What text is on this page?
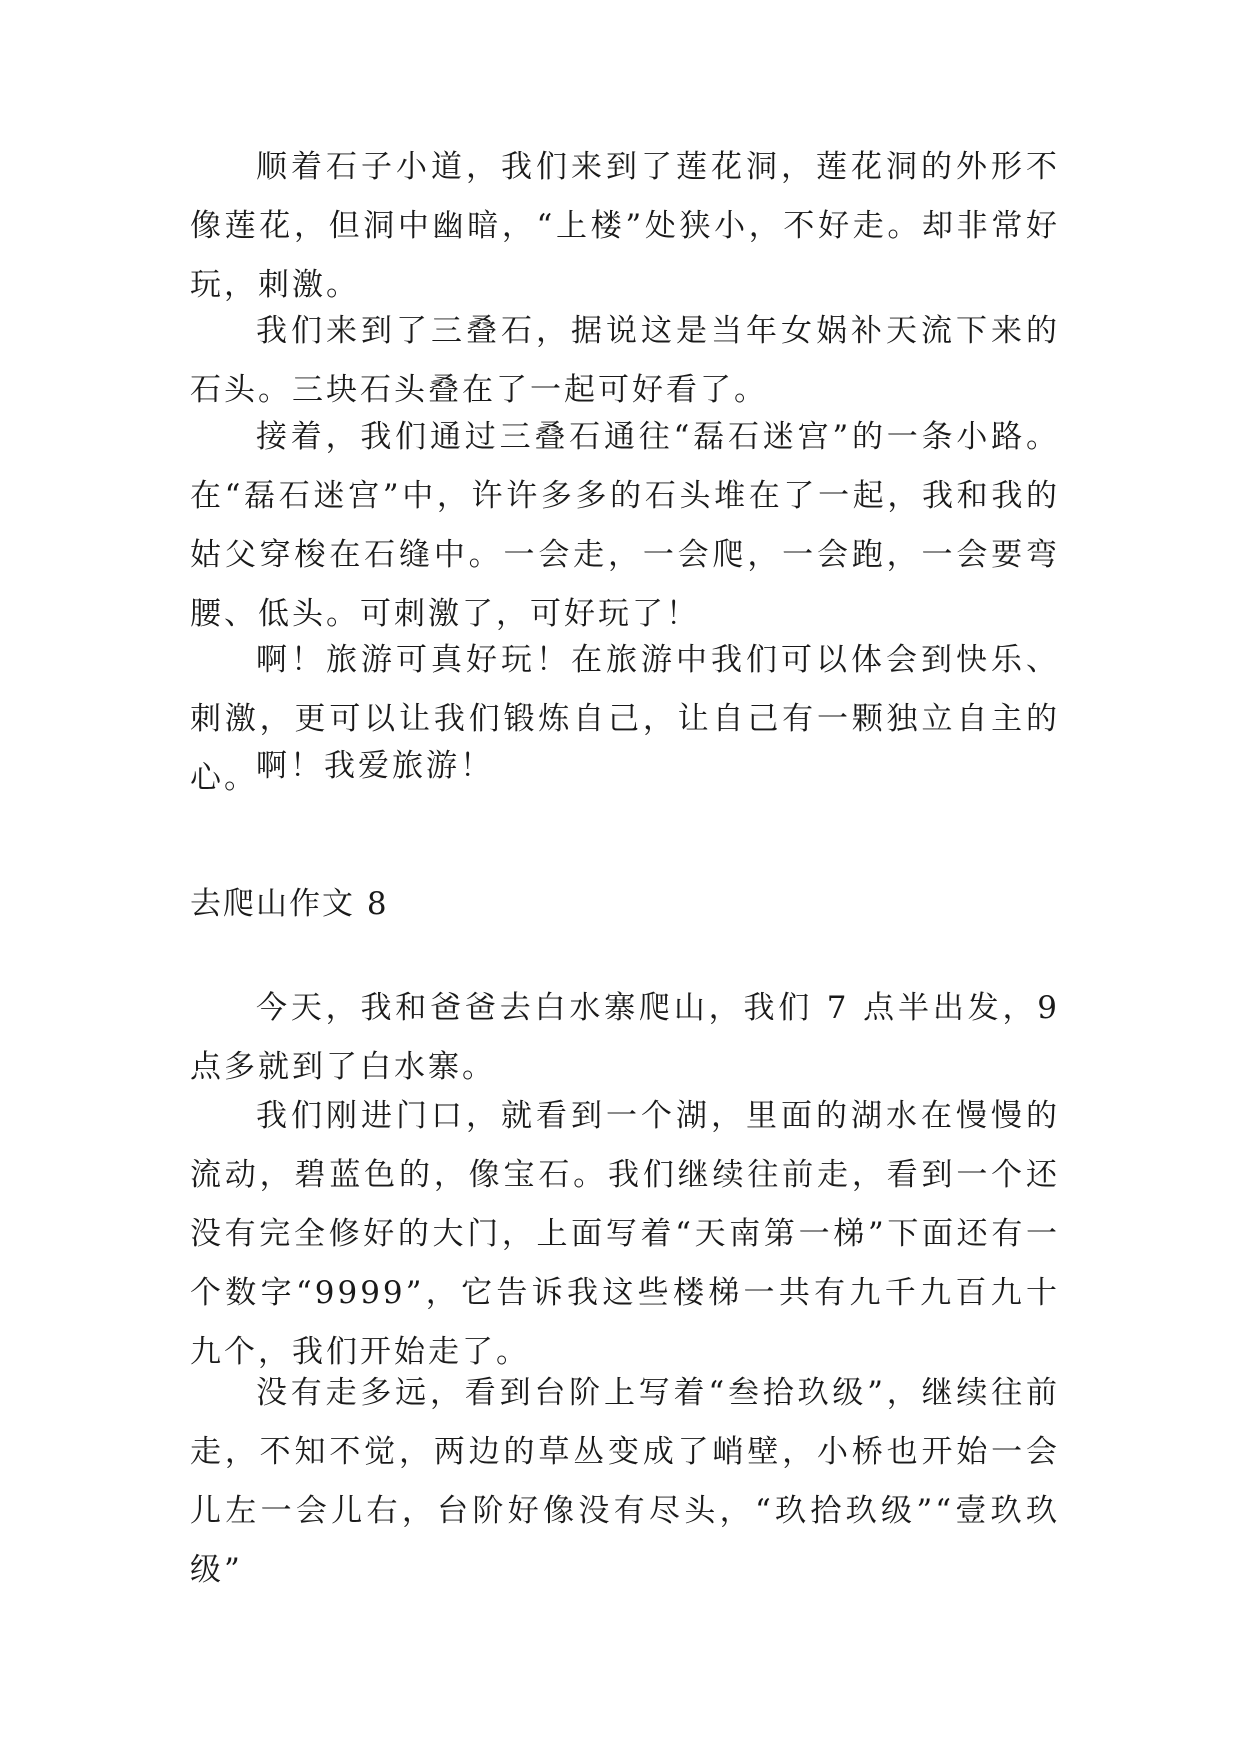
顺着石子小道，我们来到了莲花洞，莲花洞的外形不像莲花，但洞中幽暗，“上楼”处狭小，不好走。却非常好玩，刺激。

我们来到了三叠石，据说这是当年女娲补天流下来的石头。三块石头叠在了一起可好看了。

接着，我们通过三叠石通往“磊石迷宫”的一条小路。在“磊石迷宫”中，许许多多的石头堆在了一起，我和我的姑父穿梭在石缝中。一会走，一会爬，一会跑，一会要弯腰、低头。可刺激了，可好玩了！

啊！旅游可真好玩！在旅游中我们可以体会到快乐、刺激，更可以让我们锻炼自己，让自己有一颗独立自主的心。

啊！我爱旅游！

去爬山作文 8

今天，我和爸爸去白水寨爬山，我们 7 点半出发，9 点多就到了白水寨。

我们刚进门口，就看到一个湖，里面的湖水在慢慢的流动，碧蓝色的，像宝石。我们继续往前走，看到一个还没有完全修好的大门，上面写着“天南第一梯”下面还有一个数字“9999”，它告诉我这些楼梯一共有九千九百九十九个，我们开始走了。

没有走多远，看到台阶上写着“叁拾玖级”，继续往前走，不知不觉，两边的草丛变成了峭壁，小桥也开始一会儿左一会儿右，台阶好像没有尽头，“玖拾玖级”“壹玖玖级”
